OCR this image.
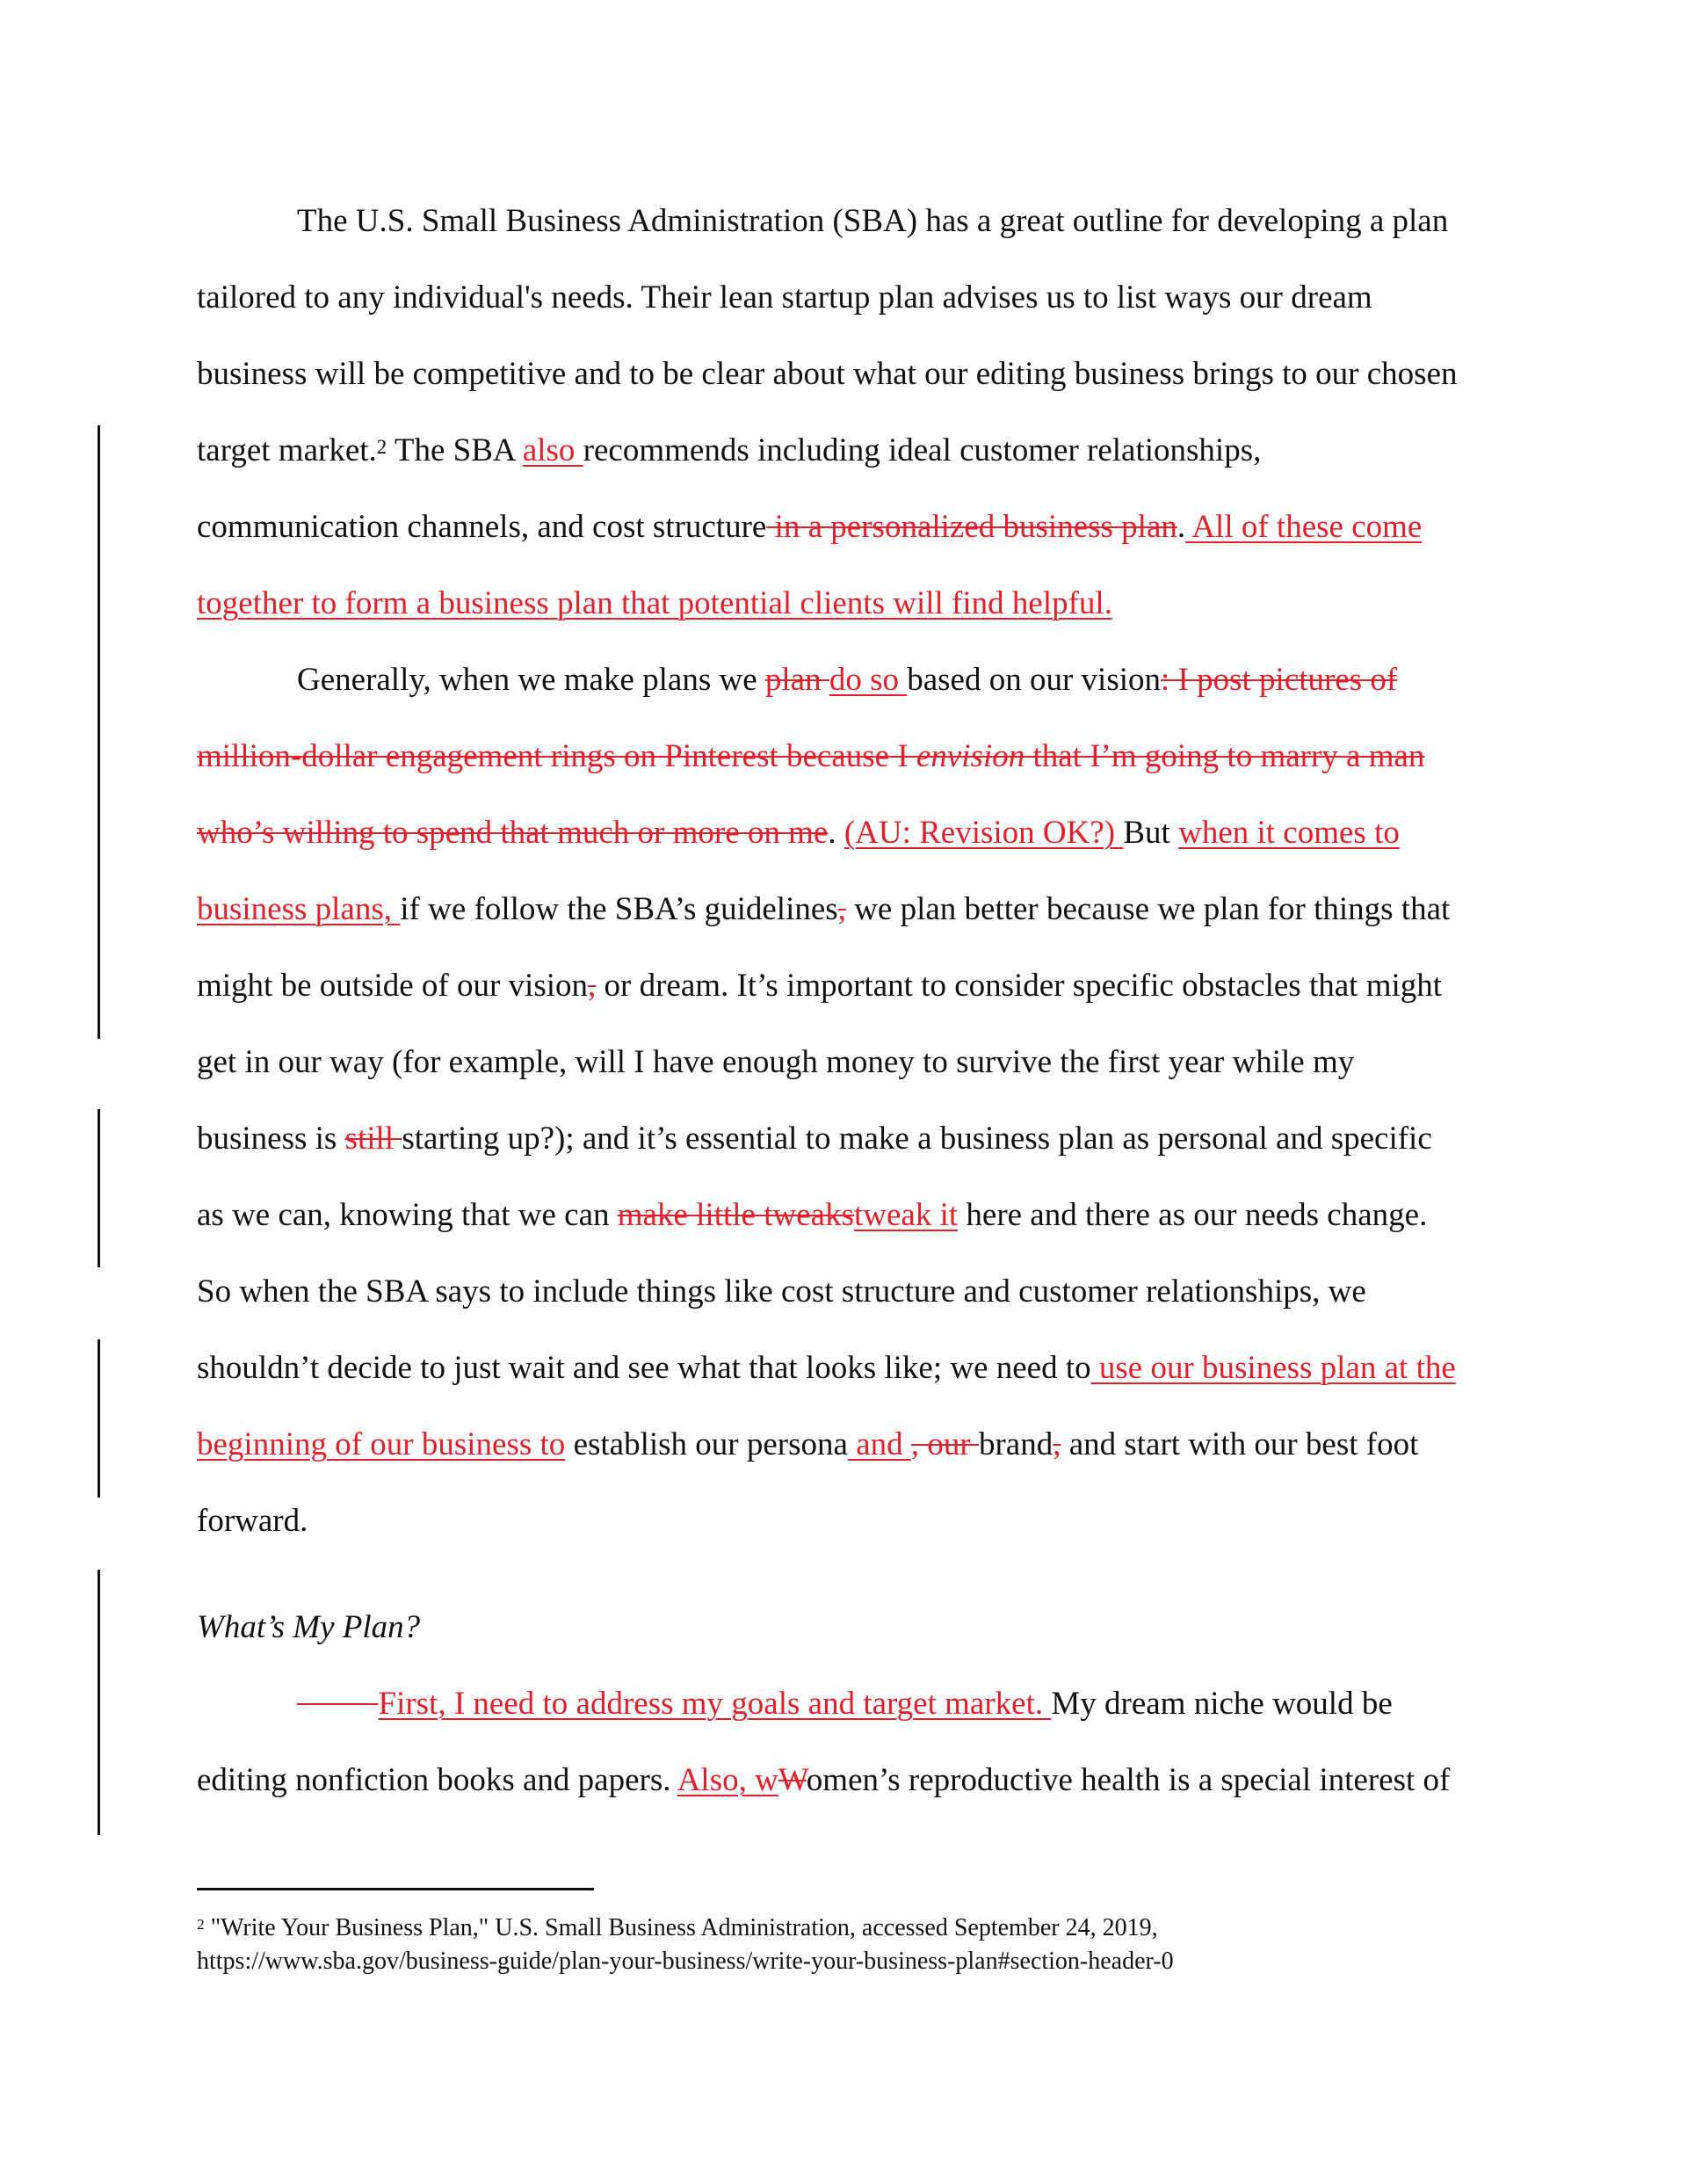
The U.S. Small Business Administration (SBA) has a great outline for developing a plan
tailored to any individual's needs. Their lean startup plan advises us to list ways our dream
business will be competitive and to be clear about what our editing business brings to our chosen
target market.$^2$ The SBA also recommends including ideal customer relationships,
communication channels, and cost structure in a personalized business plan. All of these come
together to form a business plan that potential clients will find helpful.
Generally, when we make plans we plan do so based on our vision: I post pictures of
million-dollar engagement rings on Pinterest because I envision that I’m going to marry a man
who’s willing to spend that much or more on me. (AU: Revision OK?) But when it comes to
business plans, if we follow the SBA’s guidelines, we plan better because we plan for things that
might be outside of our vision, or dream. It’s important to consider specific obstacles that might
get in our way (for example, will I have enough money to survive the first year while my
business is still starting up?); and it’s essential to make a business plan as personal and specific
as we can, knowing that we can make little tweakstweak it here and there as our needs change.
So when the SBA says to include things like cost structure and customer relationships, we
shouldn’t decide to just wait and see what that looks like; we need to use our business plan at the
beginning of our business to establish our persona and , our brand, and start with our best foot
forward.
What’s My Plan?
First, I need to address my goals and target market. My dream niche would be
editing nonfiction books and papers. Also, wWomen’s reproductive health is a special interest of
$^2$ "Write Your Business Plan," U.S. Small Business Administration, accessed September 24, 2019,
https://www.sba.gov/business-guide/plan-your-business/write-your-business-plan#section-header-0
